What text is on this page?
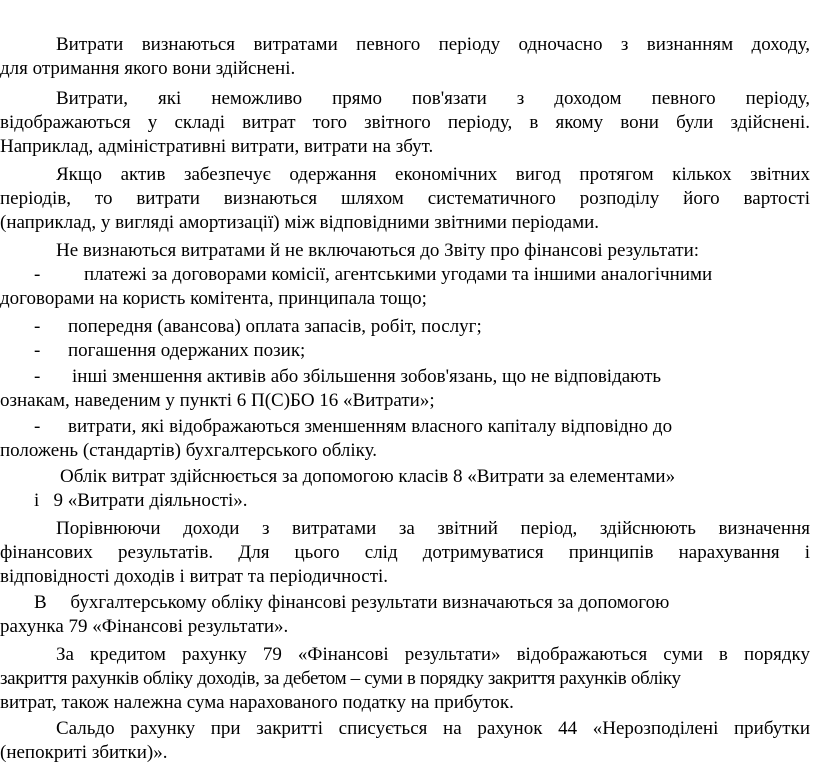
Витрати визнаються витратами певного періоду одночасно з визнанням доходу,
для отримання якого вони здійснені.
Витрати, які неможливо прямо пов'язати з доходом певного періоду,
відображаються у складі витрат того звітного періоду, в якому вони були здійснені.
Наприклад, адміністративні витрати, витрати на збут.
Якщо актив забезпечує одержання економічних вигод протягом кількох звітних
періодів, то витрати визнаються шляхом систематичного розподілу його вартості
(наприклад, у вигляді амортизації) між відповідними звітними періодами.
Не визнаються витратами й не включаються до Звіту про фінансові результати:
- платежі за договорами комісії, агентськими угодами та іншими аналогічними
договорами на користь комітента, принципала тощо;
- попередня (авансова) оплата запасів, робіт, послуг;
- погашення одержаних позик;
- інші зменшення активів або збільшення зобов'язань, що не відповідають
ознакам, наведеним у пункті 6 П(С)БО 16 «Витрати»;
- витрати, які відображаються зменшенням власного капіталу відповідно до
положень (стандартів) бухгалтерського обліку.
Облік витрат здійснюється за допомогою класів 8 «Витрати за елементами»
і   9 «Витрати діяльності».
Порівнюючи доходи з витратами за звітний період, здійснюють визначення
фінансових результатів. Для цього слід дотримуватися принципів нарахування і
відповідності доходів і витрат та періодичності.
В     бухгалтерському обліку фінансові результати визначаються за допомогою
рахунка 79 «Фінансові результати».
За кредитом рахунку 79 «Фінансові результати» відображаються суми в порядку
закриття рахунків обліку доходів, за дебетом – суми в порядку закриття рахунків обліку
витрат, також належна сума нарахованого податку на прибуток.
Сальдо рахунку при закритті списується на рахунок 44 «Нерозподілені прибутки
(непокриті збитки)».
